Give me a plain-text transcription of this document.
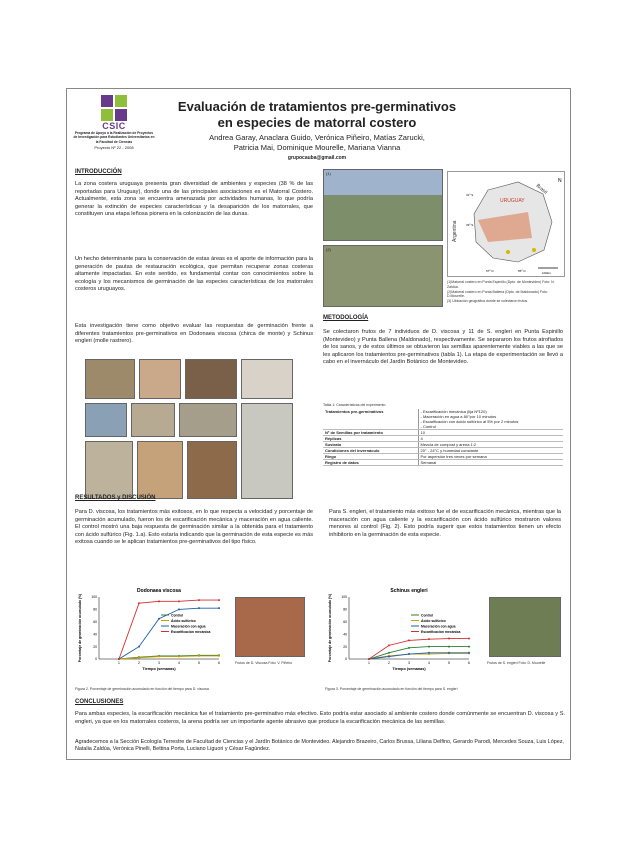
CSIC
Programa de Apoyo a la Realización de Proyectos de Investigación para Estudiantes Universitarios en la Facultad de Ciencias
Proyecto Nº 22 - 2008
Evaluación de tratamientos pre-germinativos
en especies de matorral costero
Andrea Garay, Anaclara Guido, Verónica Piñeiro, Matías Zarucki,
Patricia Mai, Dominique Mourelle, Mariana Vianna
grupocauba@gmail.com
INTRODUCCIÓN
La zona costera uruguaya presenta gran diversidad de ambientes y especies (38 % de las reportadas para Uruguay), donde una de las principales asociaciones es el Matorral Costero. Actualmente, esta zona se encuentra amenazada por actividades humanas, lo que podría generar la extinción de especies características y la desaparición de los matorrales, que constituyen una etapa leñosa pionera en la colonización de las dunas.
Un hecho determinante para la conservación de estas áreas es el aporte de información para la generación de pautas de restauración ecológica, que permitan recuperar zonas costeras altamente impactadas. En este sentido, es fundamental contar con conocimientos sobre la ecología y los mecanismos de germinación de las especies características de los matorrales costeros uruguayos.
Esta investigación tiene como objetivo evaluar las respuestas de germinación frente a diferentes tratamientos pre-germinativos en Dodonaea viscosa (chirca de monte) y Schinus engleri (molle rastrero).
(1)
(2)
URUGUAY
Brasil
Argentina
31º S
33º S
57º O	55º O
N
100km
(1)Matorral costero en Punta Espinillo (Dpto. de Montevideo) Foto: N. Zaldúa.
(2)Matorral costero en Punta Ballena (Dpto. de Maldonado) Foto: D.Mourelle.
(3) Ubicación geográfica donde se colectaron frutos.
METODOLOGÍA
Se colectaron frutos de 7 individuos de D. viscosa y 11 de S. engleri en Punta Espinillo (Montevideo) y Punta Ballena (Maldonado), respectivamente. Se separaron los frutos atrofiados de los sanos, y de estos últimos se obtuvieron las semillas aparentemente viables a las que se les aplicaron los tratamientos pre-germinativos (tabla 1). La etapa de experimentación se llevó a cabo en el invernáculo del Jardín Botánico de Montevideo.
Tabla 1: Características del experimento
Tratamientos pre-germinativos	- Escarificación mecánica (lija Nº120)
- Maceración en agua a 80°por 10 minutos
- Escarificación con ácido sulfúrico al 5% por 2 minutos
- Control

Nº de Semillas por tratamiento	10

Réplicas	4

Sustrato	Mezcla de compost y arena 1:2

Condiciones del invernáculo	20° - 24°C y humedad constante

Riego	Por aspersión tres veces por semana

Registro de datos	Semanal
RESULTADOS y DISCUSIÓN
Para D. viscosa, los tratamientos más exitosos, en lo que respecta a velocidad y porcentaje de germinación acumulado, fueron los de escarificación mecánica y maceración en agua caliente. El control mostró una baja respuesta de germinación similar a la obtenida para el tratamiento con ácido sulfúrico (Fig. 1.a). Esto estaría indicando que la germinación de esta especie es más exitosa cuando se le aplican tratamientos pre-germinativos del tipo físico.
Para S. engleri, el tratamiento más exitoso fue el de escarificación mecánica, mientras que la maceración con agua caliente y la escarificación con ácido sulfúrico mostraron valores menores al control (Fig. 2). Esto podría sugerir que estos tratamientos tienen un efecto inhibitorio en la germinación de esta especie.
Dodonaea viscosa
0
20
40
60
80
100
1	2	3	4	5	6
Tiempo (semanas)
Porcentaje de germinación acumulado (%)	Control
Ácido sulfúrico
Maceración con agua
Escarificación mecánica
Frutos de D. Viscosa Foto: V. Piñeiro
Figura 2. Porcentaje de germinación acumulado en función del tiempo para D. viscosa
Schinus engleri
0
20
40
60
80
100
1	2	3	4	5	6
Tiempo (semanas)
Porcentaje de germinación acumulado (%)	Control
Ácido sulfúrico
Maceración con agua
Escarificación mecánica
Frutos de S. engleri Foto: D. Mourelle
Figura 3. Porcentaje de germinación acumulado en función del tiempo para S. engleri
CONCLUSIONES
Para ambas especies, la escarificación mecánica fue el tratamiento pre-germinativo más efectivo. Esto podría estar asociado al ambiente costero donde comúnmente se encuentran D. viscosa y S. engleri, ya que en los matorrales costeros, la arena podría ser un importante agente abrasivo que produce la escarificación mecánica de las semillas.
Agradecemos a la Sección Ecología Terrestre de Facultad de Ciencias y el Jardín Botánico de Montevideo. Alejandro Brazeiro, Carlos Brussa, Liliana Delfino, Gerardo Parodi, Mercedes Souza, Luis López, Natalia Zaldúa, Verónica Pinelli, Bettina Porta, Luciano Liguori y César Fagúndez.
